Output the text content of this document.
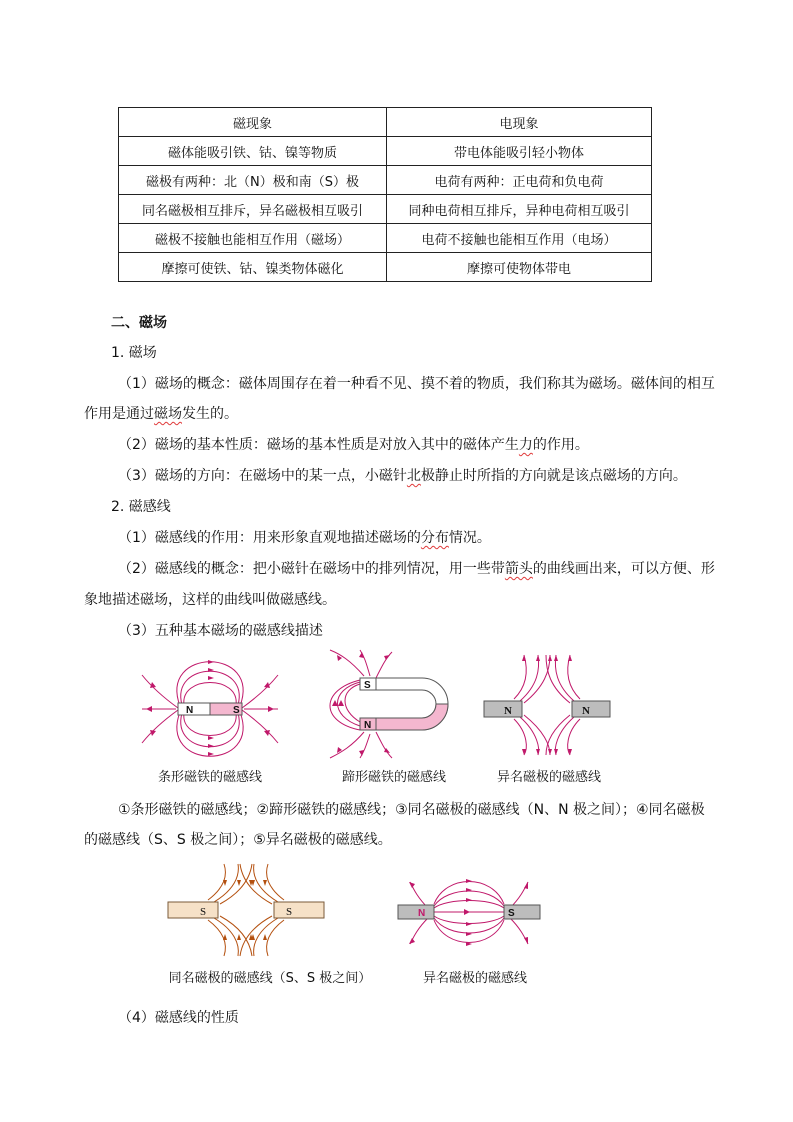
磁现象	电现象
磁体能吸引铁、钴、镍等物质	带电体能吸引轻小物体
磁极有两种：北（N）极和南（S）极	电荷有两种：正电荷和负电荷
同名磁极相互排斥，异名磁极相互吸引	同种电荷相互排斥，异种电荷相互吸引
磁极不接触也能相互作用（磁场）	电荷不接触也能相互作用（电场）
摩擦可使铁、钴、镍类物体磁化	摩擦可使物体带电
二、磁场
1. 磁场
（1）磁场的概念：磁体周围存在着一种看不见、摸不着的物质，我们称其为磁场。磁体间的相互
作用是通过磁场发生的。
（2）磁场的基本性质：磁场的基本性质是对放入其中的磁体产生力的作用。
（3）磁场的方向：在磁场中的某一点，小磁针北极静止时所指的方向就是该点磁场的方向。
2. 磁感线
（1）磁感线的作用：用来形象直观地描述磁场的分布情况。
（2）磁感线的概念：把小磁针在磁场中的排列情况，用一些带箭头的曲线画出来，可以方便、形
象地描述磁场，这样的曲线叫做磁感线。
（3）五种基本磁场的磁感线描述
N	S
条形磁铁的磁感线
S
N
蹄形磁铁的磁感线
N	N
异名磁极的磁感线
①条形磁铁的磁感线；②蹄形磁铁的磁感线；③同名磁极的磁感线（N、N 极之间）；④同名磁极
的磁感线（S、S 极之间）；⑤异名磁极的磁感线。
S	S
同名磁极的磁感线（S、S 极之间）
N	S
异名磁极的磁感线
（4）磁感线的性质
